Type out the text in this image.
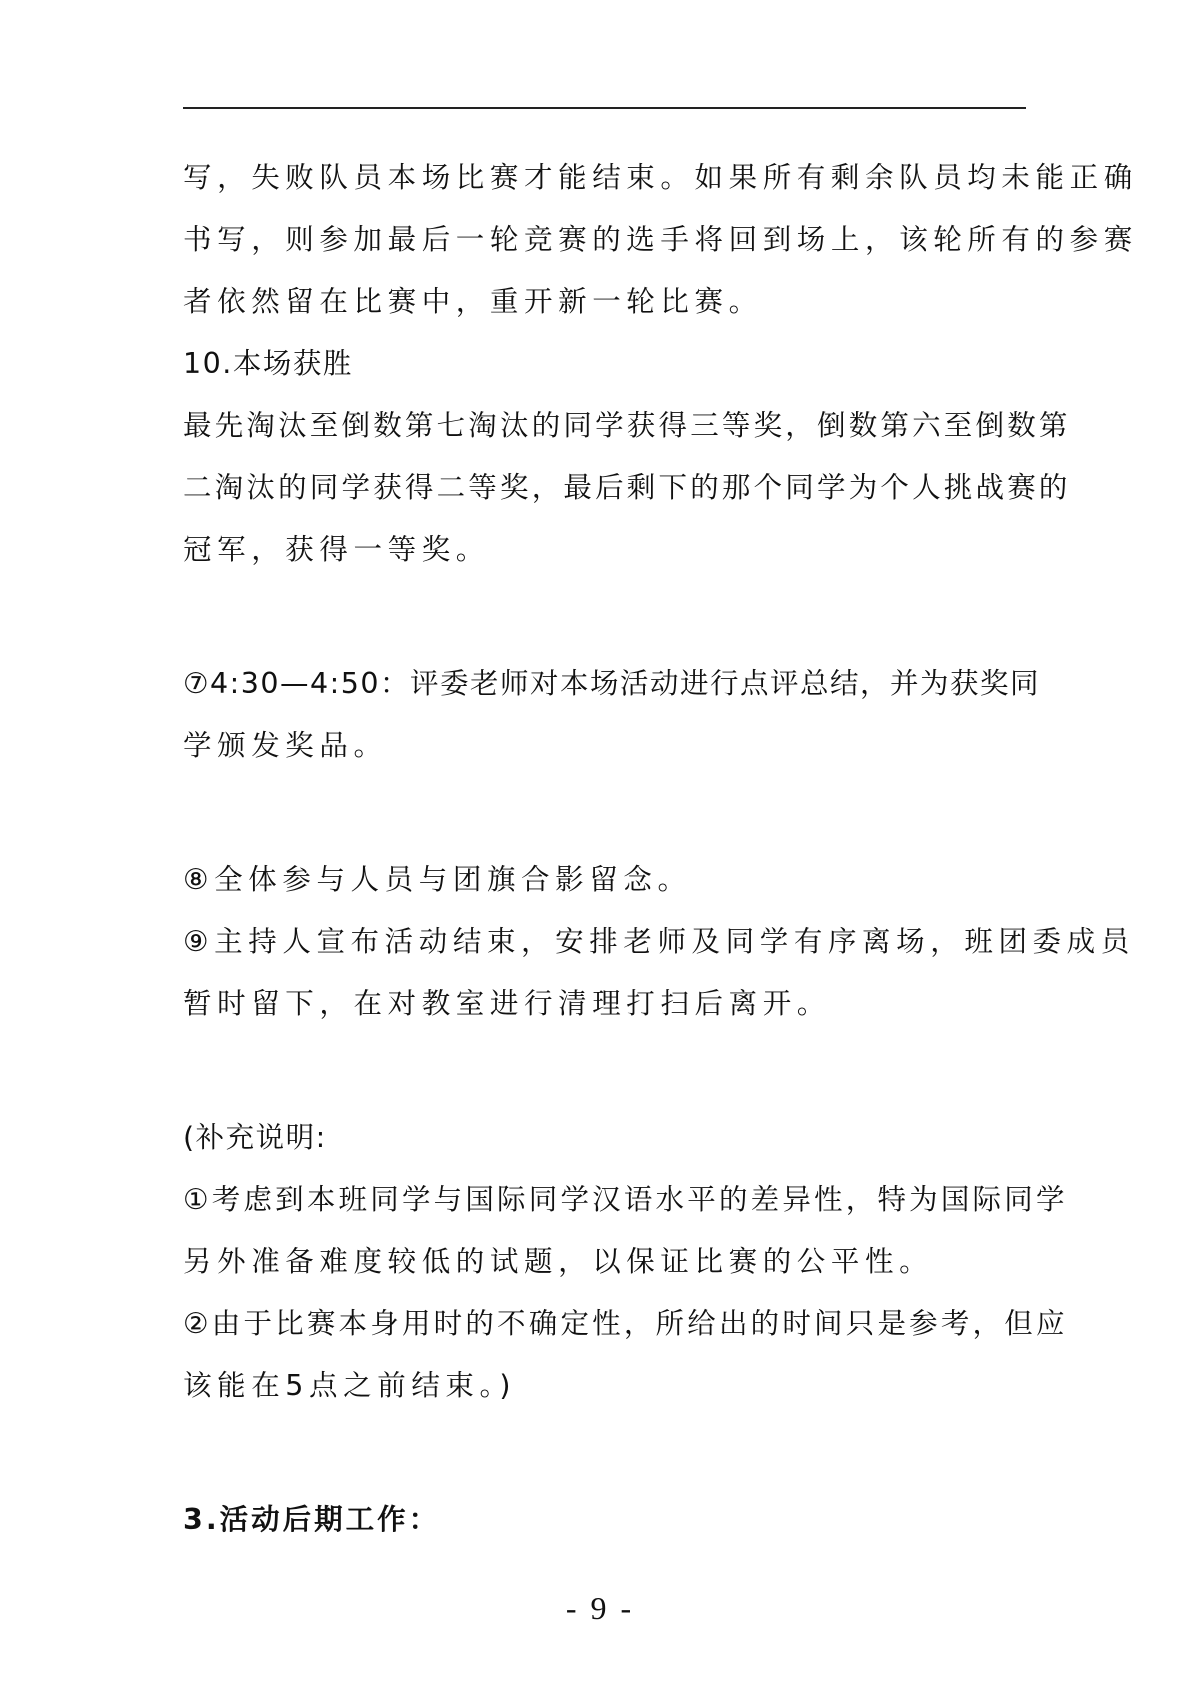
写，失败队员本场比赛才能结束。如果所有剩余队员均未能正确
书写，则参加最后一轮竞赛的选手将回到场上，该轮所有的参赛
者依然留在比赛中，重开新一轮比赛。
10.本场获胜
最先淘汰至倒数第七淘汰的同学获得三等奖，倒数第六至倒数第
二淘汰的同学获得二等奖，最后剩下的那个同学为个人挑战赛的
冠军，获得一等奖。
⑦4:30—4:50：评委老师对本场活动进行点评总结，并为获奖同
学颁发奖品。
⑧全体参与人员与团旗合影留念。
⑨主持人宣布活动结束，安排老师及同学有序离场，班团委成员
暂时留下，在对教室进行清理打扫后离开。
(补充说明:
①考虑到本班同学与国际同学汉语水平的差异性，特为国际同学
另外准备难度较低的试题，以保证比赛的公平性。
②由于比赛本身用时的不确定性，所给出的时间只是参考，但应
该能在5点之前结束。)
3.活动后期工作：
- 9 -
